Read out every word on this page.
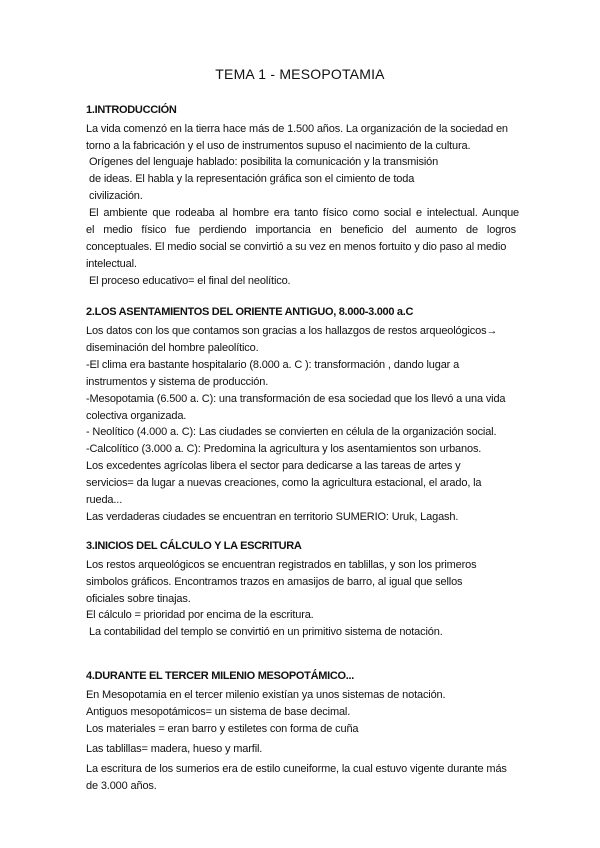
TEMA 1 - MESOPOTAMIA
1.INTRODUCCIÓN
La vida comenzó en la tierra hace más de 1.500 años. La organización de la sociedad en
torno a la fabricación y el uso de instrumentos supuso el nacimiento de la cultura.
Orígenes del lenguaje hablado: posibilita la comunicación y la transmisión
de ideas. El habla y la representación gráfica son el cimiento de toda
civilización.
El ambiente que rodeaba al hombre era tanto físico como social e intelectual. Aunque
el medio físico fue perdiendo importancia en beneficio del aumento de logros
conceptuales. El medio social se convirtió a su vez en menos fortuito y dio paso al medio
intelectual.
El proceso educativo= el final del neolítico.
2.LOS ASENTAMIENTOS DEL ORIENTE ANTIGUO, 8.000-3.000 a.C
Los datos con los que contamos son gracias a los hallazgos de restos arqueológicos→
diseminación del hombre paleolítico.
-El clima era bastante hospitalario (8.000 a. C ): transformación , dando lugar a
instrumentos y sistema de producción.
-Mesopotamia (6.500 a. C): una transformación de esa sociedad que los llevó a una vida
colectiva organizada.
- Neolítico (4.000 a. C): Las ciudades se convierten en célula de la organización social.
-Calcolítico (3.000 a. C): Predomina la agricultura y los asentamientos son urbanos.
Los excedentes agrícolas libera el sector para dedicarse a las tareas de artes y
servicios= da lugar a nuevas creaciones, como la agricultura estacional, el arado, la
rueda...
Las verdaderas ciudades se encuentran en territorio SUMERIO: Uruk, Lagash.
3.INICIOS DEL CÁLCULO Y LA ESCRITURA
Los restos arqueológicos se encuentran registrados en tablillas, y son los primeros
simbolos gráficos. Encontramos trazos en amasijos de barro, al igual que sellos
oficiales sobre tinajas.
El cálculo = prioridad por encima de la escritura.
La contabilidad del templo se convirtió en un primitivo sistema de notación.
4.DURANTE EL TERCER MILENIO MESOPOTÁMICO...
En Mesopotamia en el tercer milenio existían ya unos sistemas de notación.
Antiguos mesopotámicos= un sistema de base decimal.
Los materiales = eran barro y estiletes con forma de cuña
Las tablillas= madera, hueso y marfil.
La escritura de los sumerios era de estilo cuneiforme, la cual estuvo vigente durante más
de 3.000 años.
